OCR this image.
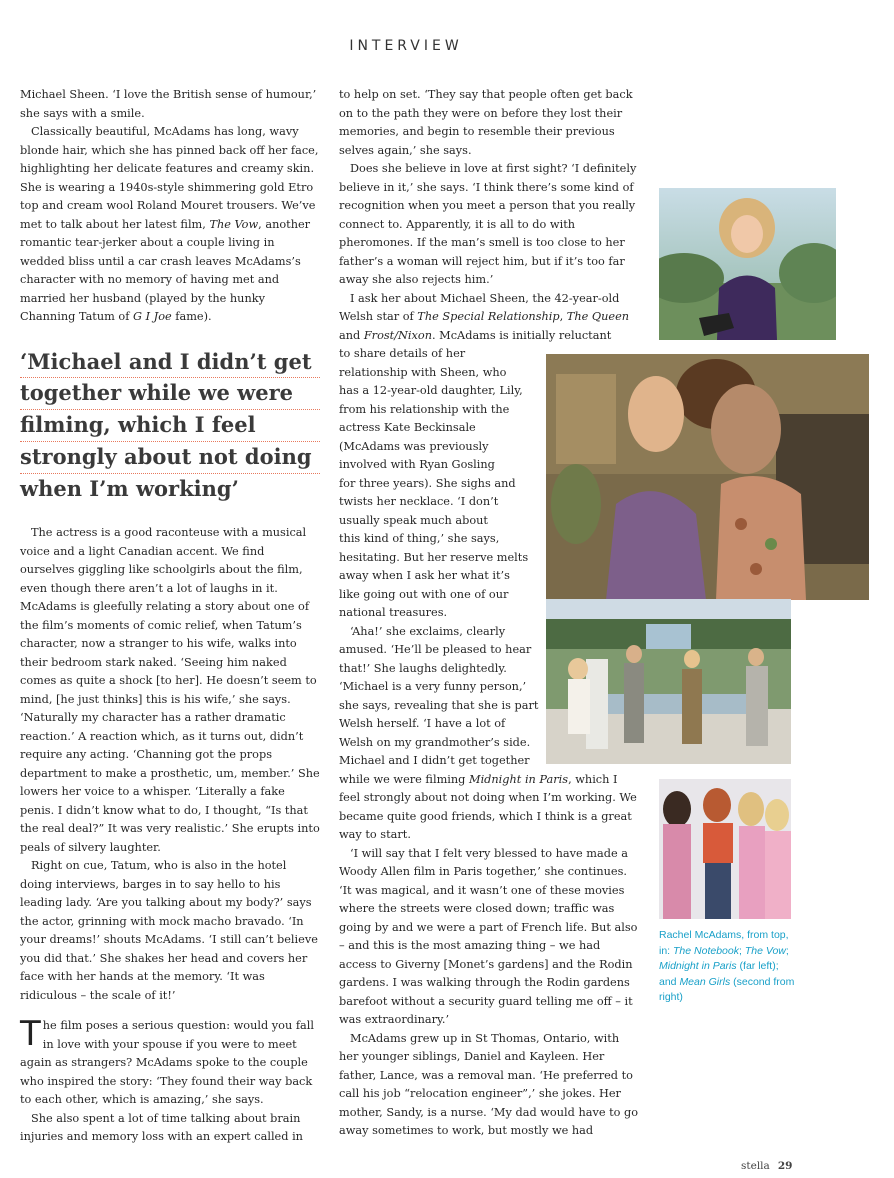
INTERVIEW

Michael Sheen. ‘I love the British sense of humour,’ she says with a smile.

Classically beautiful, McAdams has long, wavy blonde hair, which she has pinned back off her face, highlighting her delicate features and creamy skin. She is wearing a 1940s-style shimmering gold Etro top and cream wool Roland Mouret trousers. We’ve met to talk about her latest film, The Vow, another romantic tear-jerker about a couple living in wedded bliss until a car crash leaves McAdams’s character with no memory of having met and married her husband (played by the hunky Channing Tatum of G I Joe fame).

‘Michael and I didn’t get
together while we were
filming, which I feel
strongly about not doing
when I’m working’

The actress is a good raconteuse with a musical voice and a light Canadian accent. We find ourselves giggling like schoolgirls about the film, even though there aren’t a lot of laughs in it. McAdams is gleefully relating a story about one of the film’s moments of comic relief, when Tatum’s character, now a stranger to his wife, walks into their bedroom stark naked. ‘Seeing him naked comes as quite a shock [to her]. He doesn’t seem to mind, [he just thinks] this is his wife,’ she says. ‘Naturally my character has a rather dramatic reaction.’ A reaction which, as it turns out, didn’t require any acting. ‘Channing got the props department to make a prosthetic, um, member.’ She lowers her voice to a whisper. ‘Literally a fake penis. I didn’t know what to do, I thought, “Is that the real deal?” It was very realistic.’ She erupts into peals of silvery laughter.

Right on cue, Tatum, who is also in the hotel doing interviews, barges in to say hello to his leading lady. ‘Are you talking about my body?’ says the actor, grinning with mock macho bravado. ‘In your dreams!’ shouts McAdams. ‘I still can’t believe you did that.’ She shakes her head and covers her face with her hands at the memory. ‘It was ridiculous – the scale of it!’

The film poses a serious question: would you fall in love with your spouse if you were to meet again as strangers? McAdams spoke to the couple who inspired the story: ‘They found their way back to each other, which is amazing,’ she says.

She also spent a lot of time talking about brain injuries and memory loss with an expert called in

to help on set. ‘They say that people often get back on to the path they were on before they lost their memories, and begin to resemble their previous selves again,’ she says.

Does she believe in love at first sight? ‘I definitely believe in it,’ she says. ‘I think there’s some kind of recognition when you meet a person that you really connect to. Apparently, it is all to do with pheromones. If the man’s smell is too close to her father’s a woman will reject him, but if it’s too far away she also rejects him.’

I ask her about Michael Sheen, the 42-year-old Welsh star of The Special Relationship, The Queen and Frost/Nixon. McAdams is initially reluctant

to share details of her
relationship with Sheen, who
has a 12-year-old daughter, Lily,
from his relationship with the
actress Kate Beckinsale
(McAdams was previously
involved with Ryan Gosling
for three years). She sighs and
twists her necklace. ‘I don’t
usually speak much about
this kind of thing,’ she says,
hesitating. But her reserve melts
away when I ask her what it’s
like going out with one of our
national treasures.
‘Aha!’ she exclaims, clearly
amused. ‘He’ll be pleased to hear
that!’ She laughs delightedly.
‘Michael is a very funny person,’
she says, revealing that she is part
Welsh herself. ‘I have a lot of
Welsh on my grandmother’s side.
Michael and I didn’t get together

while we were filming Midnight in Paris, which I feel strongly about not doing when I’m working. We became quite good friends, which I think is a great way to start.

‘I will say that I felt very blessed to have made a Woody Allen film in Paris together,’ she continues. ‘It was magical, and it wasn’t one of these movies where the streets were closed down; traffic was going by and we were a part of French life. But also – and this is the most amazing thing – we had access to Giverny [Monet’s gardens] and the Rodin gardens. I was walking through the Rodin gardens barefoot without a security guard telling me off – it was extraordinary.’

McAdams grew up in St Thomas, Ontario, with her younger siblings, Daniel and Kayleen. Her father, Lance, was a removal man. ‘He preferred to call his job “relocation engineer”,’ she jokes. Her mother, Sandy, is a nurse. ‘My dad would have to go away sometimes to work, but mostly we had

Rachel McAdams, from top, in: The Notebook; The Vow; Midnight in Paris (far left); and Mean Girls (second from right)
stella 29
